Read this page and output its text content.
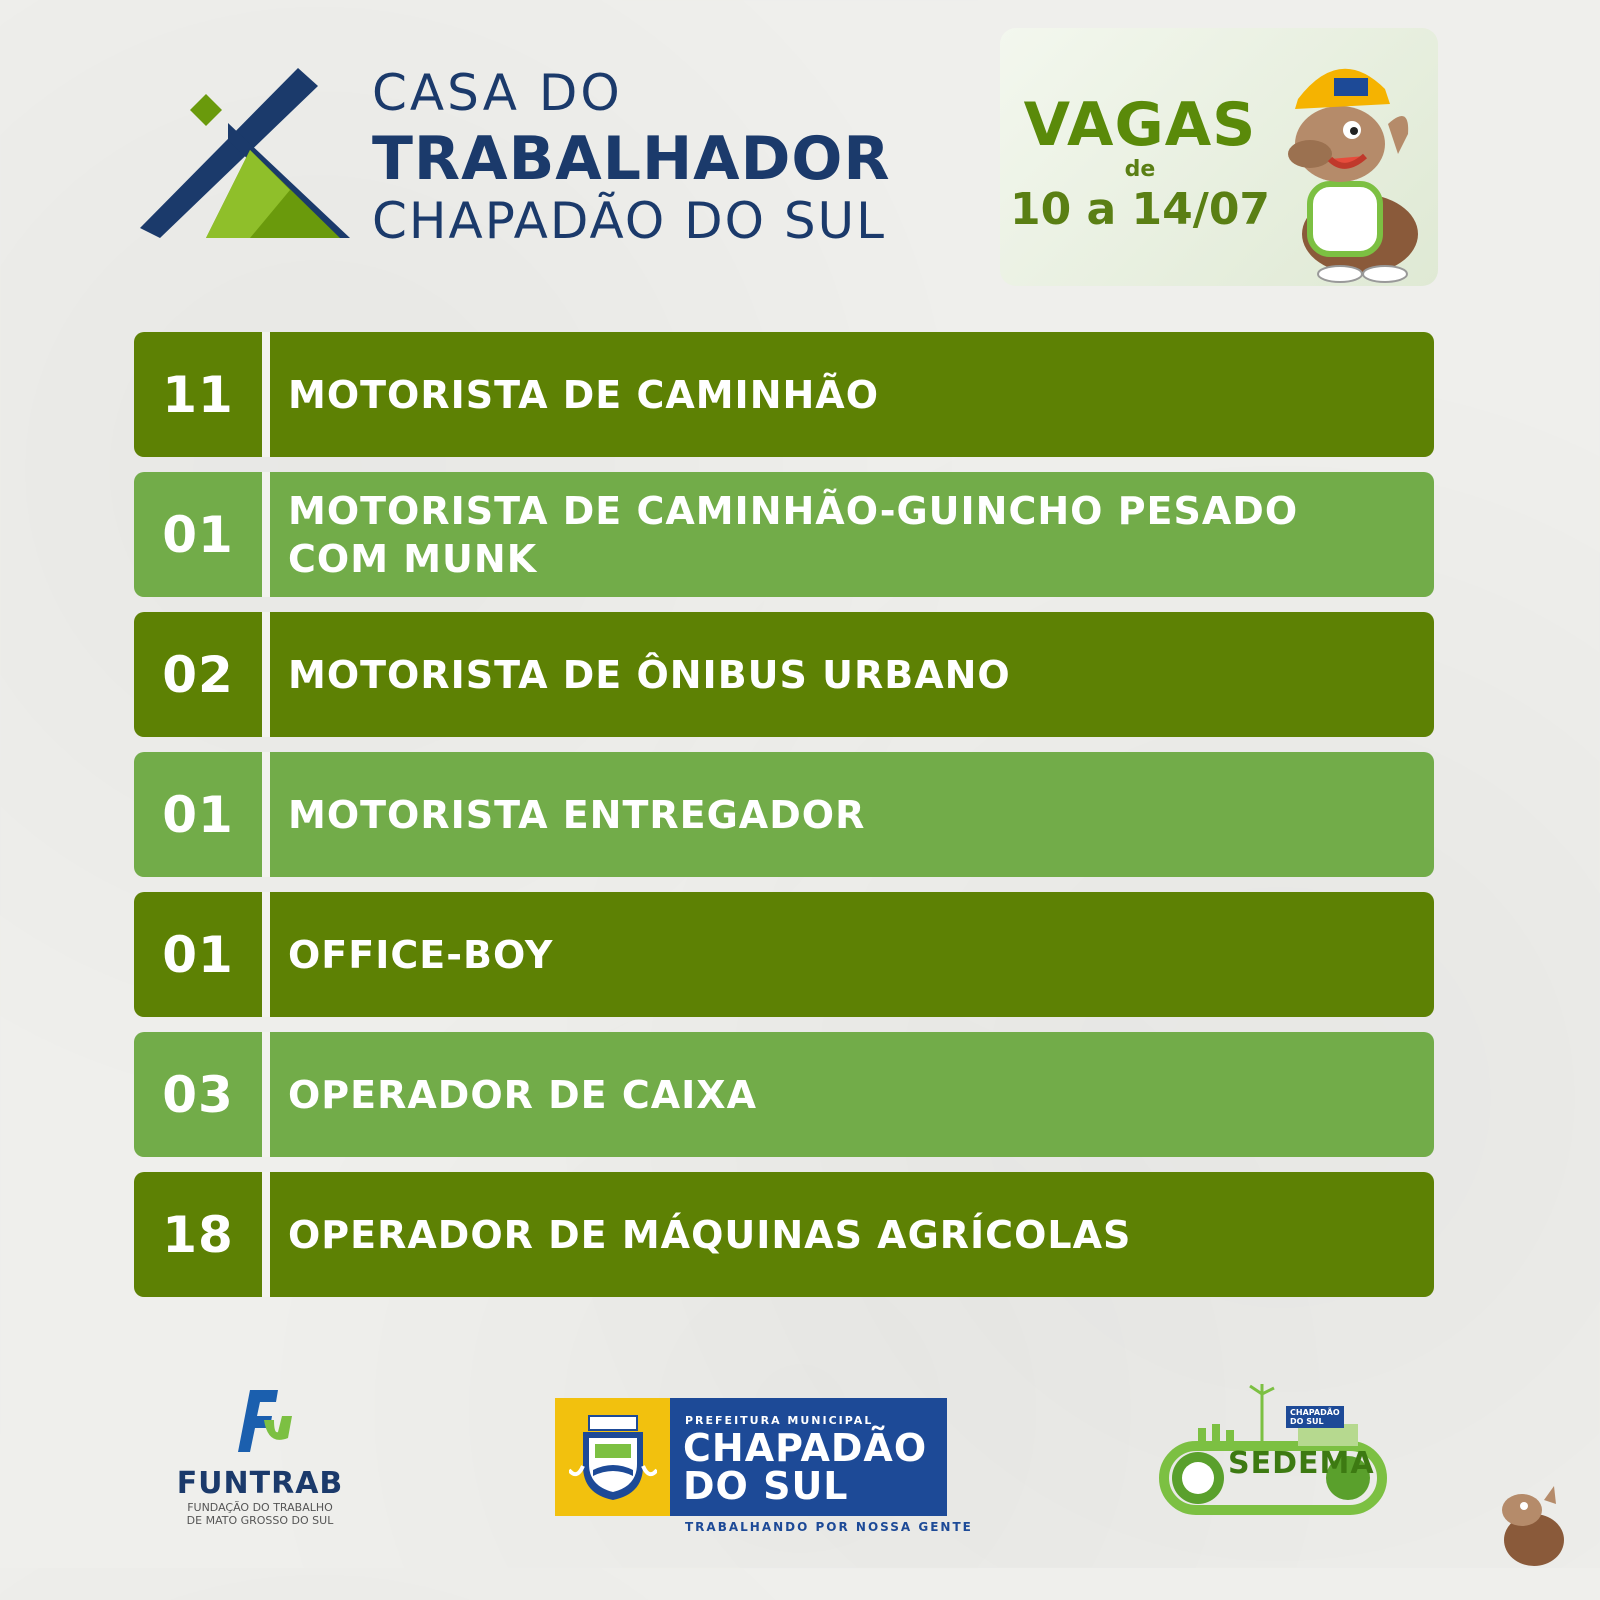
CASA DO
TRABALHADOR
CHAPADÃO DO SUL
VAGAS
de
10 a 14/07
11	MOTORISTA DE CAMINHÃO
01	MOTORISTA DE CAMINHÃO-GUINCHO PESADO COM MUNK
02	MOTORISTA DE ÔNIBUS URBANO
01	MOTORISTA ENTREGADOR
01	OFFICE-BOY
03	OPERADOR DE CAIXA
18	OPERADOR DE MÁQUINAS AGRÍCOLAS
FUNTRAB
FUNDAÇÃO DO TRABALHO
DE MATO GROSSO DO SUL
PREFEITURA MUNICIPAL
CHAPADÃO
DO SUL
TRABALHANDO POR NOSSA GENTE
CHAPADÃO
DO SUL
SEDEMA
